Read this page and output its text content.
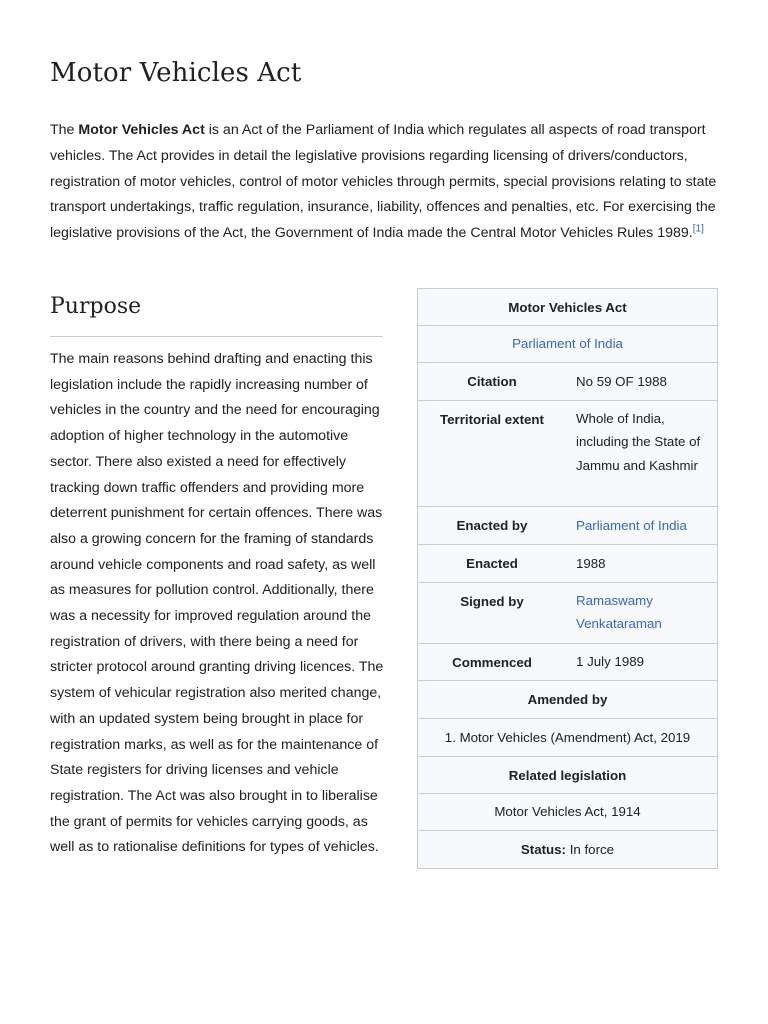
Motor Vehicles Act

The Motor Vehicles Act is an Act of the Parliament of India which regulates all aspects of road transport vehicles. The Act provides in detail the legislative provisions regarding licensing of drivers/conductors, registration of motor vehicles, control of motor vehicles through permits, special provisions relating to state transport undertakings, traffic regulation, insurance, liability, offences and penalties, etc. For exercising the legislative provisions of the Act, the Government of India made the Central Motor Vehicles Rules 1989.[1]

Purpose

The main reasons behind drafting and enacting this legislation include the rapidly increasing number of vehicles in the country and the need for encouraging adoption of higher technology in the automotive sector. There also existed a need for effectively tracking down traffic offenders and providing more deterrent punishment for certain offences. There was also a growing concern for the framing of standards around vehicle components and road safety, as well as measures for pollution control. Additionally, there was a necessity for improved regulation around the registration of drivers, with there being a need for stricter protocol around granting driving licences. The system of vehicular registration also merited change, with an updated system being brought in place for registration marks, as well as for the maintenance of State registers for driving licenses and vehicle registration. The Act was also brought in to liberalise the grant of permits for vehicles carrying goods, as well as to rationalise definitions for types of vehicles.

Motor Vehicles Act	
Parliament of India	
Citation	No 59 OF 1988
Territorial extent	Whole of India, including the State of Jammu and Kashmir
Enacted by	Parliament of India
Enacted	1988
Signed by	Ramaswamy Venkataraman
Commenced	1 July 1989
Amended by	
1. Motor Vehicles (Amendment) Act, 2019	
Related legislation	
Motor Vehicles Act, 1914	
Status: In force	
